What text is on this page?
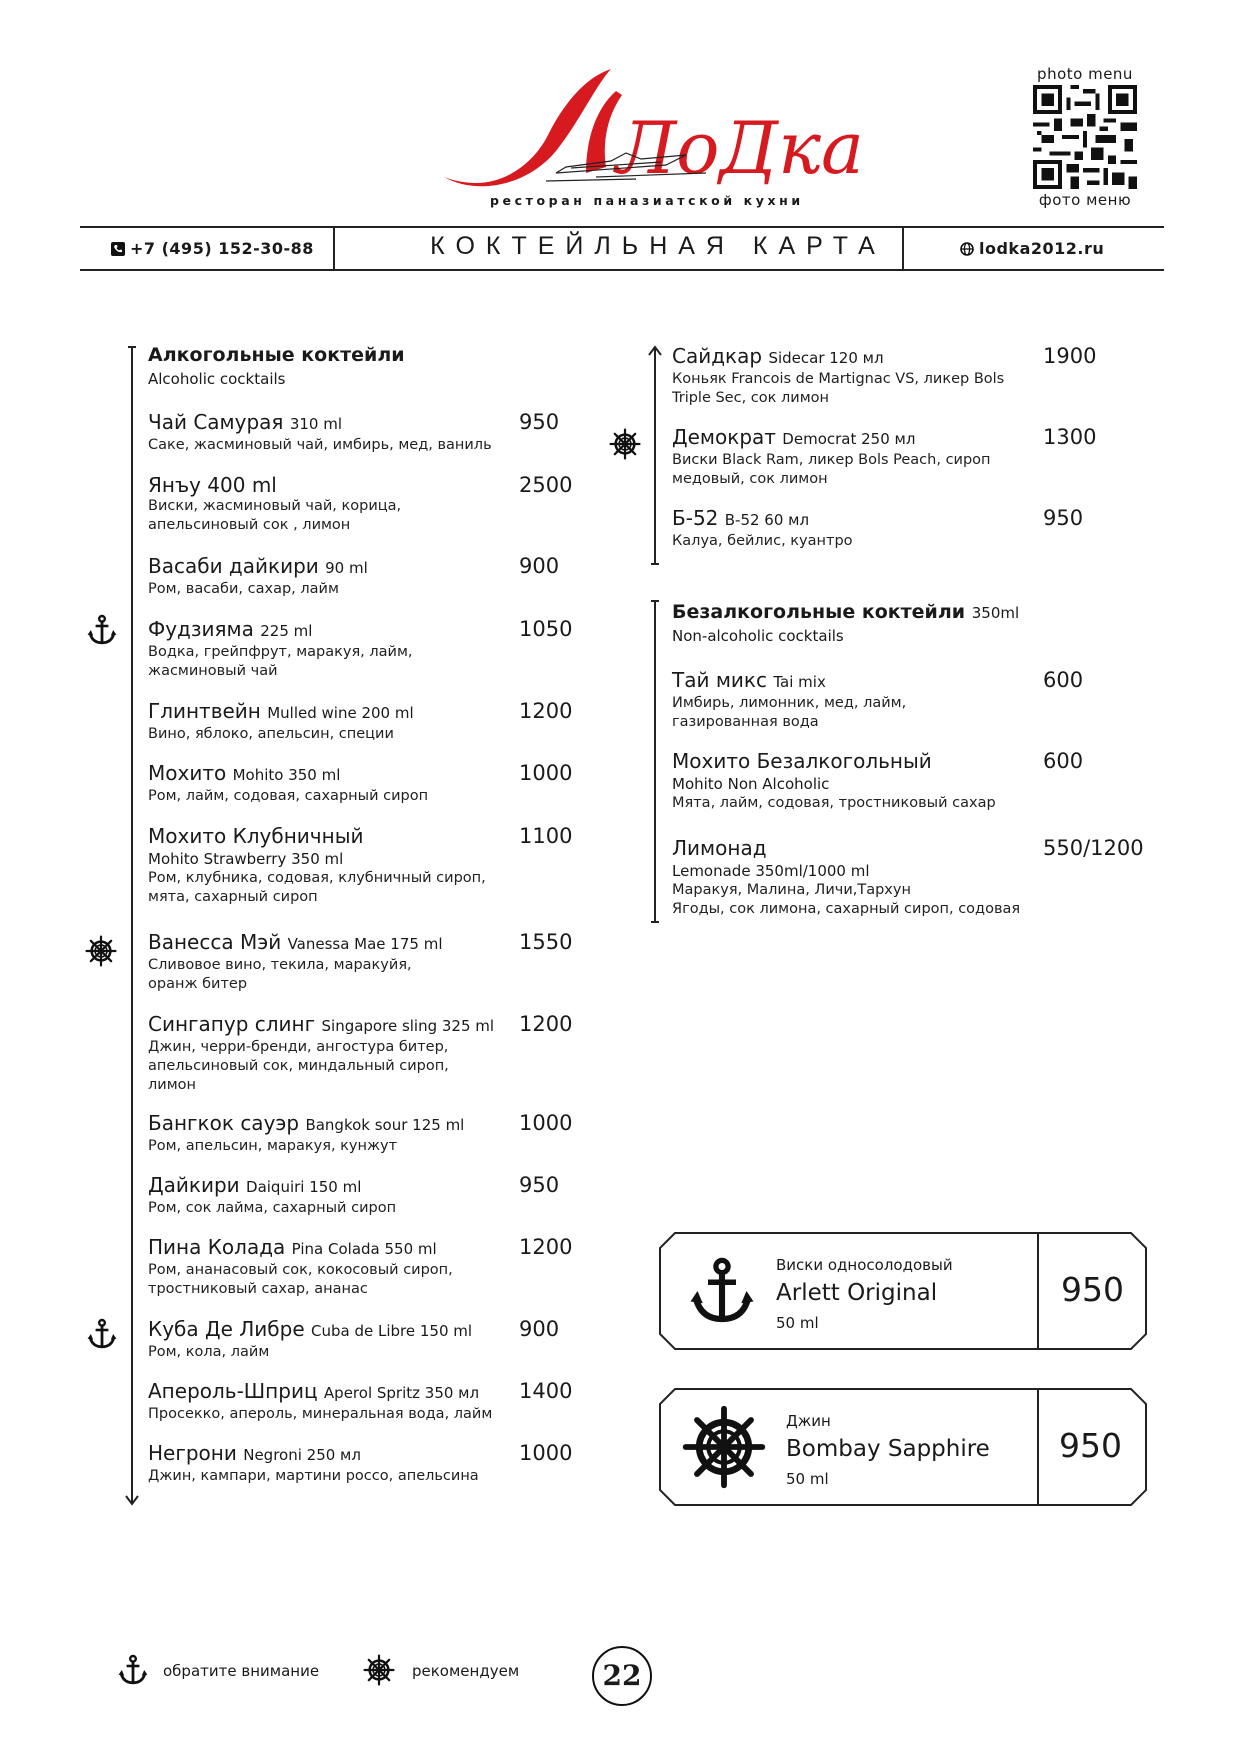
ЛоДка
ресторан паназиатской кухни
photo menu
фото меню
+7 (495) 152-30-88	КОКТЕЙЛЬНАЯ КАРТА	lodka2012.ru
Алкогольные коктейли
Alcoholic cocktails
Чай Самурая 310 ml
Саке, жасминовый чай, имбирь, мед, ваниль
950
Янъу 400 ml
Виски, жасминовый чай, корица,
апельсиновый сок , лимон
2500
Васаби дайкири 90 ml
Ром, васаби, сахар, лайм
900
Фудзияма 225 ml
Водка, грейпфрут, маракуя, лайм,
жасминовый чай
1050
Глинтвейн Mulled wine 200 ml
Вино, яблоко, апельсин, специи
1200
Мохито Mohito 350 ml
Ром, лайм, содовая, сахарный сироп
1000
Мохито Клубничный
Mohito Strawberry 350 ml
Ром, клубника, содовая, клубничный сироп,
мята, сахарный сироп
1100
Ванесса Мэй Vanessa Mae 175 ml
Сливовое вино, текила, маракуйя,
оранж битер
1550
Сингапур слинг Singapore sling 325 ml
Джин, черри-бренди, ангостура битер,
апельсиновый сок, миндальный сироп,
лимон
1200
Бангкок сауэр Bangkok sour 125 ml
Ром, апельсин, маракуя, кунжут
1000
Дайкири Daiquiri 150 ml
Ром, сок лайма, сахарный сироп
950
Пина Колада Pina Colada 550 ml
Ром, ананасовый сок, кокосовый сироп,
тростниковый сахар, ананас
1200
Куба Де Либре Cuba de Libre 150 ml
Ром, кола, лайм
900
Апероль-Шприц Aperol Spritz 350 мл
Просекко, апероль, минеральная вода, лайм
1400
Негрони Negroni 250 мл
Джин, кампари, мартини россо, апельсина
1000
Сайдкар Sidecar 120 мл
Коньяк Francois de Martignac VS, ликер Bols
Triple Sec, сок лимон
1900
Демократ Democrat 250 мл
Виски Black Ram, ликер Bols Peach, сироп
медовый, сок лимон
1300
Б-52 B-52 60 мл
Калуа, бейлис, куантро
950
Безалкогольные коктейли 350ml
Non-alcoholic cocktails
Тай микс Tai mix
Имбирь, лимонник, мед, лайм,
газированная вода
600
Мохито Безалкогольный
Mohito Non Alcoholic
Мята, лайм, содовая, тростниковый сахар
600
Лимонад
Lemonade 350ml/1000 ml
Маракуя, Малина, Личи,Тархун
Ягоды, сок лимона, сахарный сироп, содовая
550/1200
Виски односолодовый
Arlett Original
50 ml
950
Джин
Bombay Sapphire
50 ml
950
обратите внимание	рекомендуем	22
